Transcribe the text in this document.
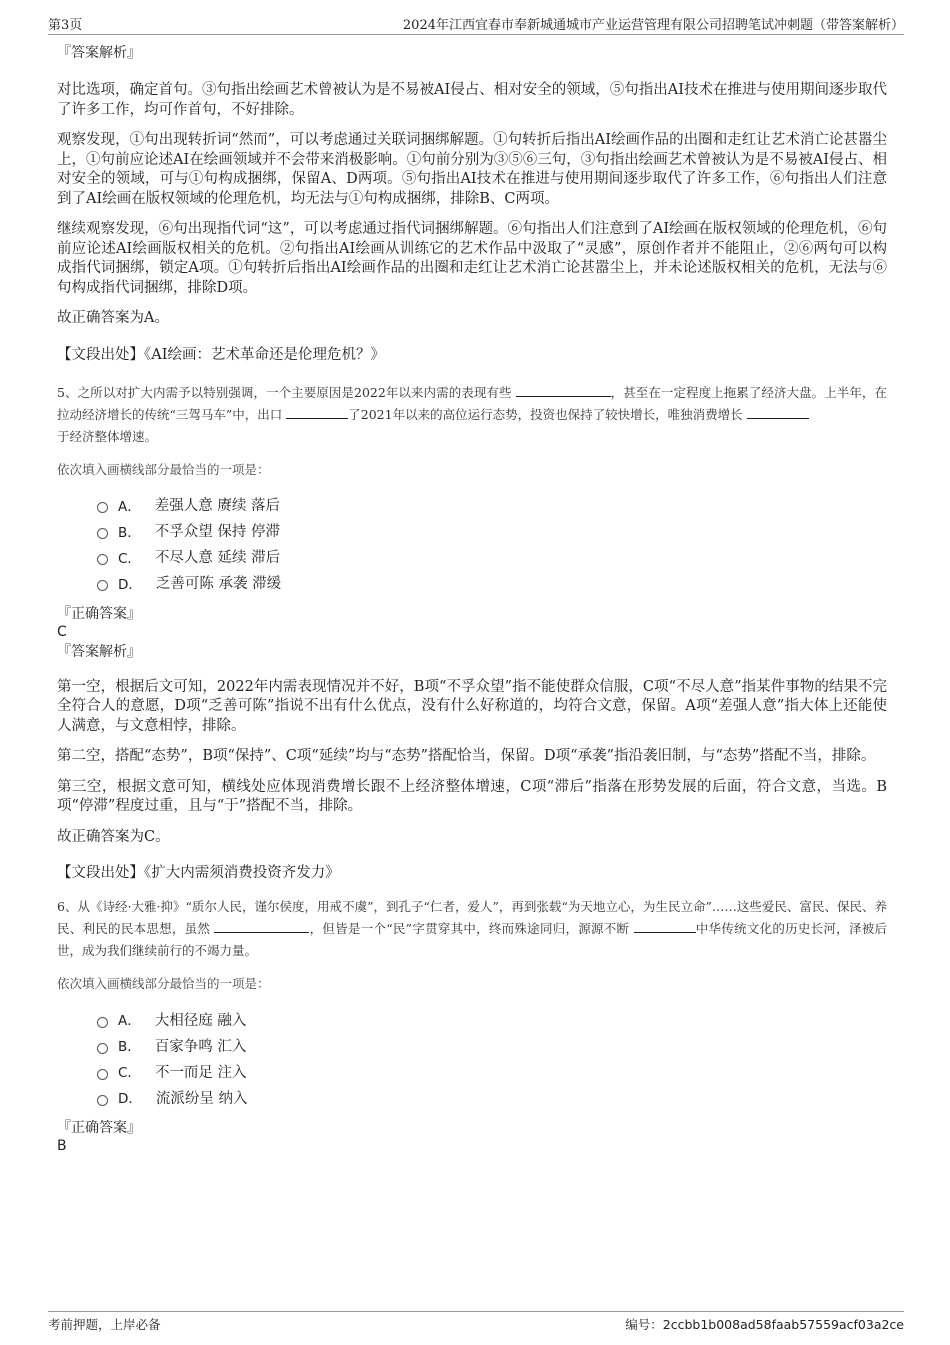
第3页	2024年江西宜春市奉新城通城市产业运营管理有限公司招聘笔试冲刺题（带答案解析）
『答案解析』

对比选项，确定首句。③句指出绘画艺术曾被认为是不易被AI侵占、相对安全的领域，⑤句指出AI技术在推进与使用期间逐步取代了许多工作，均可作首句，不好排除。

观察发现，①句出现转折词“然而”，可以考虑通过关联词捆绑解题。①句转折后指出AI绘画作品的出圈和走红让艺术消亡论甚嚣尘上，①句前应论述AI在绘画领域并不会带来消极影响。①句前分别为③⑤⑥三句，③句指出绘画艺术曾被认为是不易被AI侵占、相对安全的领域，可与①句构成捆绑，保留A、D两项。⑤句指出AI技术在推进与使用期间逐步取代了许多工作，⑥句指出人们注意到了AI绘画在版权领域的伦理危机，均无法与①句构成捆绑，排除B、C两项。

继续观察发现，⑥句出现指代词“这”，可以考虑通过指代词捆绑解题。⑥句指出人们注意到了AI绘画在版权领域的伦理危机，⑥句前应论述AI绘画版权相关的危机。②句指出AI绘画从训练它的艺术作品中汲取了“灵感”，原创作者并不能阻止，②⑥两句可以构成指代词捆绑，锁定A项。①句转折后指出AI绘画作品的出圈和走红让艺术消亡论甚嚣尘上，并未论述版权相关的危机，无法与⑥句构成指代词捆绑，排除D项。

故正确答案为A。

【文段出处】《AI绘画：艺术革命还是伦理危机？》

5、之所以对扩大内需予以特别强调，一个主要原因是2022年以来内需的表现有些	，甚至在一定程度上拖累了经济大盘。上半年，在拉动经济增长的传统“三驾马车”中，出口	了2021年以来的高位运行态势，投资也保持了较快增长，唯独消费增长
于经济整体增速。

依次填入画横线部分最恰当的一项是：

A． 差强人意 赓续 落后
B． 不孚众望 保持 停滞
C． 不尽人意 延续 滞后
D． 乏善可陈 承袭 滞缓
『正确答案』
C
『答案解析』

第一空，根据后文可知，2022年内需表现情况并不好，B项“不孚众望”指不能使群众信服，C项“不尽人意”指某件事物的结果不完全符合人的意愿，D项“乏善可陈”指说不出有什么优点，没有什么好称道的，均符合文意，保留。A项“差强人意”指大体上还能使人满意，与文意相悖，排除。

第二空，搭配“态势”，B项“保持”、C项“延续”均与“态势”搭配恰当，保留。D项“承袭”指沿袭旧制，与“态势”搭配不当，排除。

第三空，根据文意可知，横线处应体现消费增长跟不上经济整体增速，C项“滞后”指落在形势发展的后面，符合文意，当选。B项“停滞”程度过重，且与“于”搭配不当，排除。

故正确答案为C。

【文段出处】《扩大内需须消费投资齐发力》

6、从《诗经·大雅·抑》“质尔人民，谨尔侯度，用戒不虞”，到孔子“仁者，爱人”，再到张载“为天地立心，为生民立命”……这些爱民、富民、保民、养民、利民的民本思想，虽然	，但皆是一个“民”字贯穿其中，终而殊途同归，源源不断	中华传统文化的历史长河，泽被后世，成为我们继续前行的不竭力量。

依次填入画横线部分最恰当的一项是：

A． 大相径庭 融入
B． 百家争鸣 汇入
C． 不一而足 注入
D． 流派纷呈 纳入
『正确答案』
B
考前押题，上岸必备	编号：2ccbb1b008ad58faab57559acf03a2ce
